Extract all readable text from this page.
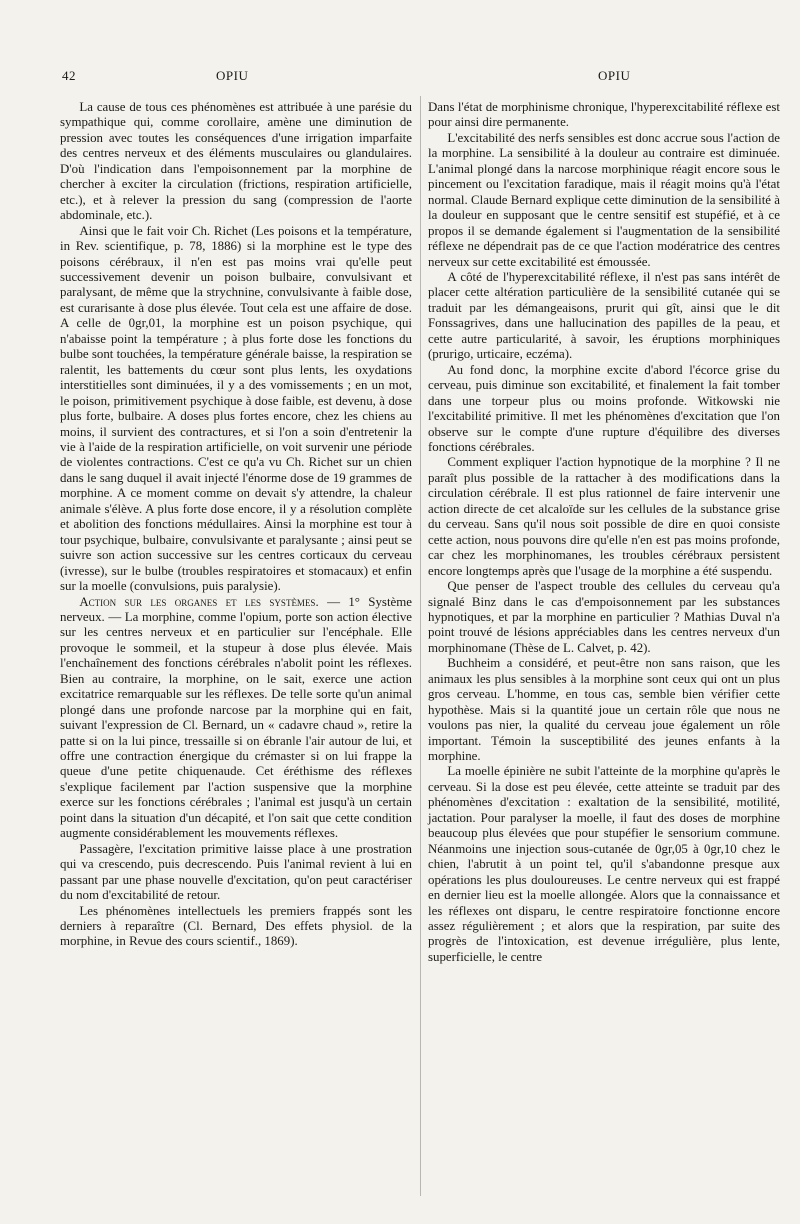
42	OPIU	OPIU

La cause de tous ces phénomènes est attribuée à une parésie du sympathique qui, comme corollaire, amène une diminution de pression avec toutes les conséquences d'une irrigation imparfaite des centres nerveux et des éléments musculaires ou glandulaires. D'où l'indication dans l'empoisonnement par la morphine de chercher à exciter la circulation (frictions, respiration artificielle, etc.), et à relever la pression du sang (compression de l'aorte abdominale, etc.).

Ainsi que le fait voir Ch. Richet (Les poisons et la température, in Rev. scientifique, p. 78, 1886) si la morphine est le type des poisons cérébraux, il n'en est pas moins vrai qu'elle peut successivement devenir un poison bulbaire, convulsivant et paralysant, de même que la strychnine, convulsivante à faible dose, est curarisante à dose plus élevée. Tout cela est une affaire de dose. A celle de 0gr,01, la morphine est un poison psychique, qui n'abaisse point la température ; à plus forte dose les fonctions du bulbe sont touchées, la température générale baisse, la respiration se ralentit, les battements du cœur sont plus lents, les oxydations interstitielles sont diminuées, il y a des vomissements ; en un mot, le poison, primitivement psychique à dose faible, est devenu, à dose plus forte, bulbaire. A doses plus fortes encore, chez les chiens au moins, il survient des contractures, et si l'on a soin d'entretenir la vie à l'aide de la respiration artificielle, on voit survenir une période de violentes contractions. C'est ce qu'a vu Ch. Richet sur un chien dans le sang duquel il avait injecté l'énorme dose de 19 grammes de morphine. A ce moment comme on devait s'y attendre, la chaleur animale s'élève. A plus forte dose encore, il y a résolution complète et abolition des fonctions médullaires. Ainsi la morphine est tour à tour psychique, bulbaire, convulsivante et paralysante ; ainsi peut se suivre son action successive sur les centres corticaux du cerveau (ivresse), sur le bulbe (troubles respiratoires et stomacaux) et enfin sur la moelle (convulsions, puis paralysie).

Action sur les organes et les systèmes. — 1° Système nerveux. — La morphine, comme l'opium, porte son action élective sur les centres nerveux et en particulier sur l'encéphale. Elle provoque le sommeil, et la stupeur à dose plus élevée. Mais l'enchaînement des fonctions cérébrales n'abolit point les réflexes. Bien au contraire, la morphine, on le sait, exerce une action excitatrice remarquable sur les réflexes. De telle sorte qu'un animal plongé dans une profonde narcose par la morphine qui en fait, suivant l'expression de Cl. Bernard, un « cadavre chaud », retire la patte si on la lui pince, tressaille si on ébranle l'air autour de lui, et offre une contraction énergique du crémaster si on lui frappe la queue d'une petite chiquenaude. Cet éréthisme des réflexes s'explique facilement par l'action suspensive que la morphine exerce sur les fonctions cérébrales ; l'animal est jusqu'à un certain point dans la situation d'un décapité, et l'on sait que cette condition augmente considérablement les mouvements réflexes.

Passagère, l'excitation primitive laisse place à une prostration qui va crescendo, puis decrescendo. Puis l'animal revient à lui en passant par une phase nouvelle d'excitation, qu'on peut caractériser du nom d'excitabilité de retour.

Les phénomènes intellectuels les premiers frappés sont les derniers à reparaître (Cl. Bernard, Des effets physiol. de la morphine, in Revue des cours scientif., 1869).

Dans l'état de morphinisme chronique, l'hyperexcitabilité réflexe est pour ainsi dire permanente.

L'excitabilité des nerfs sensibles est donc accrue sous l'action de la morphine. La sensibilité à la douleur au contraire est diminuée. L'animal plongé dans la narcose morphinique réagit encore sous le pincement ou l'excitation faradique, mais il réagit moins qu'à l'état normal. Claude Bernard explique cette diminution de la sensibilité à la douleur en supposant que le centre sensitif est stupéfié, et à ce propos il se demande également si l'augmentation de la sensibilité réflexe ne dépendrait pas de ce que l'action modératrice des centres nerveux sur cette excitabilité est émoussée.

A côté de l'hyperexcitabilité réflexe, il n'est pas sans intérêt de placer cette altération particulière de la sensibilité cutanée qui se traduit par les démangeaisons, prurit qui gît, ainsi que le dit Fonssagrives, dans une hallucination des papilles de la peau, et cette autre particularité, à savoir, les éruptions morphiniques (prurigo, urticaire, eczéma).

Au fond donc, la morphine excite d'abord l'écorce grise du cerveau, puis diminue son excitabilité, et finalement la fait tomber dans une torpeur plus ou moins profonde. Witkowski nie l'excitabilité primitive. Il met les phénomènes d'excitation que l'on observe sur le compte d'une rupture d'équilibre des diverses fonctions cérébrales.

Comment expliquer l'action hypnotique de la morphine ? Il ne paraît plus possible de la rattacher à des modifications dans la circulation cérébrale. Il est plus rationnel de faire intervenir une action directe de cet alcaloïde sur les cellules de la substance grise du cerveau. Sans qu'il nous soit possible de dire en quoi consiste cette action, nous pouvons dire qu'elle n'en est pas moins profonde, car chez les morphinomanes, les troubles cérébraux persistent encore longtemps après que l'usage de la morphine a été suspendu.

Que penser de l'aspect trouble des cellules du cerveau qu'a signalé Binz dans le cas d'empoisonnement par les substances hypnotiques, et par la morphine en particulier ? Mathias Duval n'a point trouvé de lésions appréciables dans les centres nerveux d'un morphinomane (Thèse de L. Calvet, p. 42).

Buchheim a considéré, et peut-être non sans raison, que les animaux les plus sensibles à la morphine sont ceux qui ont un plus gros cerveau. L'homme, en tous cas, semble bien vérifier cette hypothèse. Mais si la quantité joue un certain rôle que nous ne voulons pas nier, la qualité du cerveau joue également un rôle important. Témoin la susceptibilité des jeunes enfants à la morphine.

La moelle épinière ne subit l'atteinte de la morphine qu'après le cerveau. Si la dose est peu élevée, cette atteinte se traduit par des phénomènes d'excitation : exaltation de la sensibilité, motilité, jactation. Pour paralyser la moelle, il faut des doses de morphine beaucoup plus élevées que pour stupéfier le sensorium commune. Néanmoins une injection sous-cutanée de 0gr,05 à 0gr,10 chez le chien, l'abrutit à un point tel, qu'il s'abandonne presque aux opérations les plus douloureuses. Le centre nerveux qui est frappé en dernier lieu est la moelle allongée. Alors que la connaissance et les réflexes ont disparu, le centre respiratoire fonctionne encore assez régulièrement ; et alors que la respiration, par suite des progrès de l'intoxication, est devenue irrégulière, plus lente, superficielle, le centre
